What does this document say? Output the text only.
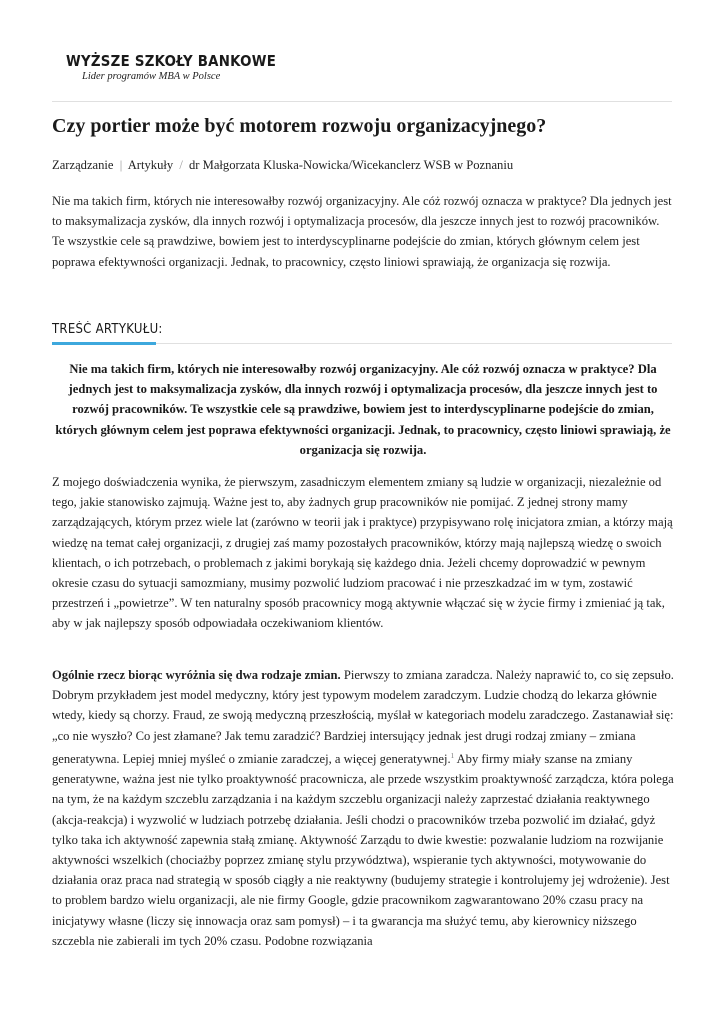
WYŻSZE SZKOŁY BANKOWE
Lider programów MBA w Polsce
Czy portier może być motorem rozwoju organizacyjnego?
Zarządzanie | Artykuły / dr Małgorzata Kluska-Nowicka/Wicekanclerz WSB w Poznaniu

Nie ma takich firm, których nie interesowałby rozwój organizacyjny. Ale cóż rozwój oznacza w praktyce? Dla jednych jest to maksymalizacja zysków, dla innych rozwój i optymalizacja procesów, dla jeszcze innych jest to rozwój pracowników. Te wszystkie cele są prawdziwe, bowiem jest to interdyscyplinarne podejście do zmian, których głównym celem jest poprawa efektywności organizacji. Jednak, to pracownicy, często liniowi sprawiają, że organizacja się rozwija.

TREŚĆ ARTYKUŁU:

Nie ma takich firm, których nie interesowałby rozwój organizacyjny. Ale cóż rozwój oznacza w praktyce? Dla jednych jest to maksymalizacja zysków, dla innych rozwój i optymalizacja procesów, dla jeszcze innych jest to rozwój pracowników. Te wszystkie cele są prawdziwe, bowiem jest to interdyscyplinarne podejście do zmian, których głównym celem jest poprawa efektywności organizacji. Jednak, to pracownicy, często liniowi sprawiają, że organizacja się rozwija.

Z mojego doświadczenia wynika, że pierwszym, zasadniczym elementem zmiany są ludzie w organizacji, niezależnie od tego, jakie stanowisko zajmują. Ważne jest to, aby żadnych grup pracowników nie pomijać. Z jednej strony mamy zarządzających, którym przez wiele lat (zarówno w teorii jak i praktyce) przypisywano rolę inicjatora zmian, a którzy mają wiedzę na temat całej organizacji, z drugiej zaś mamy pozostałych pracowników, którzy mają najlepszą wiedzę o swoich klientach, o ich potrzebach, o problemach z jakimi borykają się każdego dnia. Jeżeli chcemy doprowadzić w pewnym okresie czasu do sytuacji samozmiany, musimy pozwolić ludziom pracować i nie przeszkadzać im w tym, zostawić przestrzeń i „powietrze”. W ten naturalny sposób pracownicy mogą aktywnie włączać się w życie firmy i zmieniać ją tak, aby w jak najlepszy sposób odpowiadała oczekiwaniom klientów.

Ogólnie rzecz biorąc wyróżnia się dwa rodzaje zmian. Pierwszy to zmiana zaradcza. Należy naprawić to, co się zepsuło. Dobrym przykładem jest model medyczny, który jest typowym modelem zaradczym. Ludzie chodzą do lekarza głównie wtedy, kiedy są chorzy. Fraud, ze swoją medyczną przeszłością, myślał w kategoriach modelu zaradczego. Zastanawiał się: „co nie wyszło? Co jest złamane? Jak temu zaradzić? Bardziej intersujący jednak jest drugi rodzaj zmiany – zmiana generatywna. Lepiej mniej myśleć o zmianie zaradczej, a więcej generatywnej.$^1$ Aby firmy miały szanse na zmiany generatywne, ważna jest nie tylko proaktywność pracownicza, ale przede wszystkim proaktywność zarządcza, która polega na tym, że na każdym szczeblu zarządzania i na każdym szczeblu organizacji należy zaprzestać działania reaktywnego (akcja-reakcja) i wyzwolić w ludziach potrzebę działania. Jeśli chodzi o pracowników trzeba pozwolić im działać, gdyż tylko taka ich aktywność zapewnia stałą zmianę. Aktywność Zarządu to dwie kwestie: pozwalanie ludziom na rozwijanie aktywności wszelkich (chociażby poprzez zmianę stylu przywództwa), wspieranie tych aktywności, motywowanie do działania oraz praca nad strategią w sposób ciągły a nie reaktywny (budujemy strategie i kontrolujemy jej wdrożenie). Jest to problem bardzo wielu organizacji, ale nie firmy Google, gdzie pracownikom zagwarantowano 20% czasu pracy na inicjatywy własne (liczy się innowacja oraz sam pomysł) – i ta gwarancja ma służyć temu, aby kierownicy niższego szczebla nie zabierali im tych 20% czasu. Podobne rozwiązania
